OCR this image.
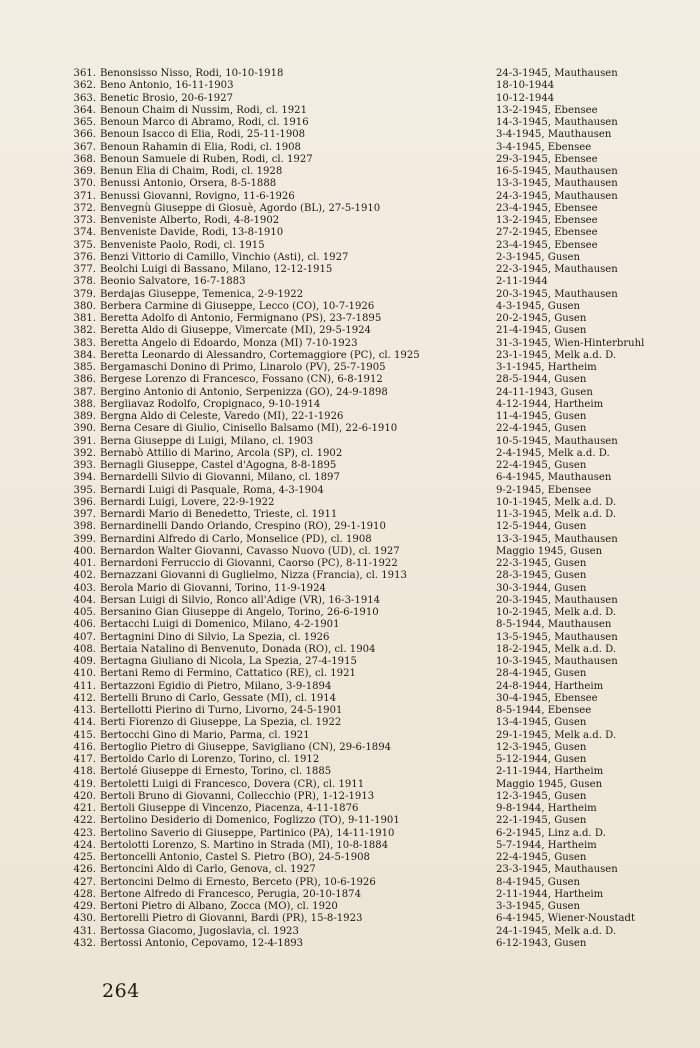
361. Benonsisso Nisso, Rodi, 10-10-1918	24-3-1945, Mauthausen
362. Beno Antonio, 16-11-1903	18-10-1944
363. Benetic Brosio, 20-6-1927	10-12-1944
364. Benoun Chaim di Nussim, Rodi, cl. 1921	13-2-1945, Ebensee
365. Benoun Marco di Abramo, Rodi, cl. 1916	14-3-1945, Mauthausen
366. Benoun Isacco di Elia, Rodi, 25-11-1908	3-4-1945, Mauthausen
367. Benoun Rahamin di Elia, Rodi, cl. 1908	3-4-1945, Ebensee
368. Benoun Samuele di Ruben, Rodi, cl. 1927	29-3-1945, Ebensee
369. Benun Elia di Chaim, Rodi, cl. 1928	16-5-1945, Mauthausen
370. Benussi Antonio, Orsera, 8-5-1888	13-3-1945, Mauthausen
371. Benussi Giovanni, Rovigno, 11-6-1926	24-3-1945, Mauthausen
372. Benvegnù Giuseppe di Giosuè, Agordo (BL), 27-5-1910	23-4-1945, Ebensee
373. Benveniste Alberto, Rodi, 4-8-1902	13-2-1945, Ebensee
374. Benveniste Davide, Rodi, 13-8-1910	27-2-1945, Ebensee
375. Benveniste Paolo, Rodi, cl. 1915	23-4-1945, Ebensee
376. Benzi Vittorio di Camillo, Vinchio (Asti), cl. 1927	2-3-1945, Gusen
377. Beolchi Luigi di Bassano, Milano, 12-12-1915	22-3-1945, Mauthausen
378. Beonio Salvatore, 16-7-1883	2-11-1944
379. Berdajas Giuseppe, Temenica, 2-9-1922	20-3-1945, Mauthausen
380. Berbera Carmine di Giuseppe, Lecco (CO), 10-7-1926	4-3-1945, Gusen
381. Beretta Adolfo di Antonio, Fermignano (PS), 23-7-1895	20-2-1945, Gusen
382. Beretta Aldo di Giuseppe, Vimercate (MI), 29-5-1924	21-4-1945, Gusen
383. Beretta Angelo di Edoardo, Monza (MI) 7-10-1923	31-3-1945, Wien-Hinterbruhl
384. Beretta Leonardo di Alessandro, Cortemaggiore (PC), cl. 1925	23-1-1945, Melk a.d. D.
385. Bergamaschi Donino di Primo, Linarolo (PV), 25-7-1905	3-1-1945, Hartheim
386. Bergese Lorenzo di Francesco, Fossano (CN), 6-8-1912	28-5-1944, Gusen
387. Bergino Antonio di Antonio, Serpenizza (GO), 24-9-1898	24-11-1943, Gusen
388. Bergliavaz Rodolfo, Cropignaco, 9-10-1914	4-12-1944, Hartheim
389. Bergna Aldo di Celeste, Varedo (MI), 22-1-1926	11-4-1945, Gusen
390. Berna Cesare di Giulio, Cinisello Balsamo (MI), 22-6-1910	22-4-1945, Gusen
391. Berna Giuseppe di Luigi, Milano, cl. 1903	10-5-1945, Mauthausen
392. Bernabò Attilio di Marino, Arcola (SP), cl. 1902	2-4-1945, Melk a.d. D.
393. Bernagli Giuseppe, Castel d'Agogna, 8-8-1895	22-4-1945, Gusen
394. Bernardelli Silvio di Giovanni, Milano, cl. 1897	6-4-1945, Mauthausen
395. Bernardi Luigi di Pasquale, Roma, 4-3-1904	9-2-1945, Ebensee
396. Bernardi Luigi, Lovere, 22-9-1922	10-1-1945, Melk a.d. D.
397. Bernardi Mario di Benedetto, Trieste, cl. 1911	11-3-1945, Melk a.d. D.
398. Bernardinelli Dando Orlando, Crespino (RO), 29-1-1910	12-5-1944, Gusen
399. Bernardini Alfredo di Carlo, Monselice (PD), cl. 1908	13-3-1945, Mauthausen
400. Bernardon Walter Giovanni, Cavasso Nuovo (UD), cl. 1927	Maggio 1945, Gusen
401. Bernardoni Ferruccio di Giovanni, Caorso (PC), 8-11-1922	22-3-1945, Gusen
402. Bernazzani Giovanni di Guglielmo, Nizza (Francia), cl. 1913	28-3-1945, Gusen
403. Berola Mario di Giovanni, Torino, 11-9-1924	30-3-1944, Gusen
404. Bersan Luigi di Silvio, Ronco all'Adige (VR), 16-3-1914	20-3-1945, Mauthausen
405. Bersanino Gian Giuseppe di Angelo, Torino, 26-6-1910	10-2-1945, Melk a.d. D.
406. Bertacchi Luigi di Domenico, Milano, 4-2-1901	8-5-1944, Mauthausen
407. Bertagnini Dino di Silvio, La Spezia, cl. 1926	13-5-1945, Mauthausen
408. Bertaia Natalino di Benvenuto, Donada (RO), cl. 1904	18-2-1945, Melk a.d. D.
409. Bertagna Giuliano di Nicola, La Spezia, 27-4-1915	10-3-1945, Mauthausen
410. Bertani Remo di Fermino, Cattatico (RE), cl. 1921	28-4-1945, Gusen
411. Bertazzoni Egidio di Pietro, Milano, 3-9-1894	24-8-1944, Hartheim
412. Bertelli Bruno di Carlo, Gessate (MI), cl. 1914	30-4-1945, Ebensee
413. Bertellotti Pierino di Turno, Livorno, 24-5-1901	8-5-1944, Ebensee
414. Berti Fiorenzo di Giuseppe, La Spezia, cl. 1922	13-4-1945, Gusen
415. Bertocchi Gino di Mario, Parma, cl. 1921	29-1-1945, Melk a.d. D.
416. Bertoglio Pietro di Giuseppe, Savigliano (CN), 29-6-1894	12-3-1945, Gusen
417. Bertoldo Carlo di Lorenzo, Torino, cl. 1912	5-12-1944, Gusen
418. Bertolé Giuseppe di Ernesto, Torino, cl. 1885	2-11-1944, Hartheim
419. Bertoletti Luigi di Francesco, Dovera (CR), cl. 1911	Maggio 1945, Gusen
420. Bertoli Bruno di Giovanni, Collecchio (PR), 1-12-1913	12-3-1945, Gusen
421. Bertoli Giuseppe di Vincenzo, Piacenza, 4-11-1876	9-8-1944, Hartheim
422. Bertolino Desiderio di Domenico, Foglizzo (TO), 9-11-1901	22-1-1945, Gusen
423. Bertolino Saverio di Giuseppe, Partinico (PA), 14-11-1910	6-2-1945, Linz a.d. D.
424. Bertolotti Lorenzo, S. Martino in Strada (MI), 10-8-1884	5-7-1944, Hartheim
425. Bertoncelli Antonio, Castel S. Pietro (BO), 24-5-1908	22-4-1945, Gusen
426. Bertoncini Aldo di Carlo, Genova, cl. 1927	23-3-1945, Mauthausen
427. Bertoncini Delmo di Ernesto, Berceto (PR), 10-6-1926	8-4-1945, Gusen
428. Bertone Alfredo di Francesco, Perugia, 20-10-1874	2-11-1944, Hartheim
429. Bertoni Pietro di Albano, Zocca (MO), cl. 1920	3-3-1945, Gusen
430. Bertorelli Pietro di Giovanni, Bardi (PR), 15-8-1923	6-4-1945, Wiener-Noustadt
431. Bertossa Giacomo, Jugoslavia, cl. 1923	24-1-1945, Melk a.d. D.
432. Bertossi Antonio, Cepovamo, 12-4-1893	6-12-1943, Gusen
264
